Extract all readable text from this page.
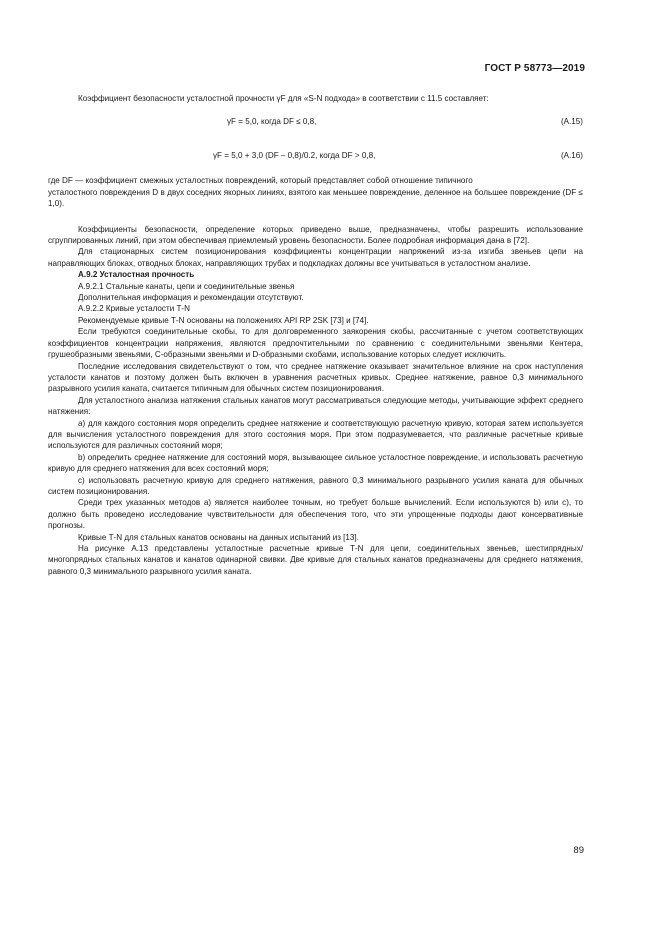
ГОСТ Р 58773—2019

Коэффициент безопасности усталостной прочности γF для «S-N подхода» в соответствии с 11.5 составляет:

γF = 5,0, когда DF ≤ 0,8,	(A.15)
γF = 5,0 + 3,0 (DF – 0,8)/0.2, когда DF > 0,8,	(A.16)

где DF — коэффициент смежных усталостных повреждений, который представляет собой отношение типичного

усталостного повреждения D в двух соседних якорных линиях, взятого как меньшее повреждение, деленное на большее повреждение (DF ≤ 1,0).

Коэффициенты безопасности, определение которых приведено выше, предназначены, чтобы разрешить использование сгруппированных линий, при этом обеспечивая приемлемый уровень безопасности. Более подробная информация дана в [72].

Для стационарных систем позиционирования коэффициенты концентрации напряжений из-за изгиба звеньев цепи на направляющих блоках, отводных блоках, направляющих трубах и подкладках должны все учитываться в усталостном анализе.

А.9.2 Усталостная прочность

А.9.2.1 Стальные канаты, цепи и соединительные звенья

Дополнительная информация и рекомендации отсутствуют.

А.9.2.2 Кривые усталости Т-N

Рекомендуемые кривые Т-N основаны на положениях API RP 2SK [73] и [74].

Если требуются соединительные скобы, то для долговременного заякорения скобы, рассчитанные с учетом соответствующих коэффициентов концентрации напряжения, являются предпочтительными по сравнению с соединительными звеньями Кентера, грушеобразными звеньями, С-образными звеньями и D-образными скобами, использование которых следует исключить.

Последние исследования свидетельствуют о том, что среднее натяжение оказывает значительное влияние на срок наступления усталости канатов и поэтому должен быть включен в уравнения расчетных кривых. Среднее натяжение, равное 0,3 минимального разрывного усилия каната, считается типичным для обычных систем позиционирования.

Для усталостного анализа натяжения стальных канатов могут рассматриваться следующие методы, учитывающие эффект среднего натяжения:

а) для каждого состояния моря определить среднее натяжение и соответствующую расчетную кривую, которая затем используется для вычисления усталостного повреждения для этого состояния моря. При этом подразумевается, что различные расчетные кривые используются для различных состояний моря;

b) определить среднее натяжение для состояний моря, вызывающее сильное усталостное повреждение, и использовать расчетную кривую для среднего натяжения для всех состояний моря;

с) использовать расчетную кривую для среднего натяжения, равного 0,3 минимального разрывного усилия каната для обычных систем позиционирования.

Среди трех указанных методов а) является наиболее точным, но требует больше вычислений. Если используются b) или с), то должно быть проведено исследование чувствительности для обеспечения того, что эти упрощенные подходы дают консервативные прогнозы.

Кривые Т-N для стальных канатов основаны на данных испытаний из [13].

На рисунке А.13 представлены усталостные расчетные кривые Т-N для цепи, соединительных звеньев, шестипрядных/многопрядных стальных канатов и канатов одинарной свивки. Две кривые для стальных канатов предназначены для среднего натяжения, равного 0,3 минимального разрывного усилия каната.

89
